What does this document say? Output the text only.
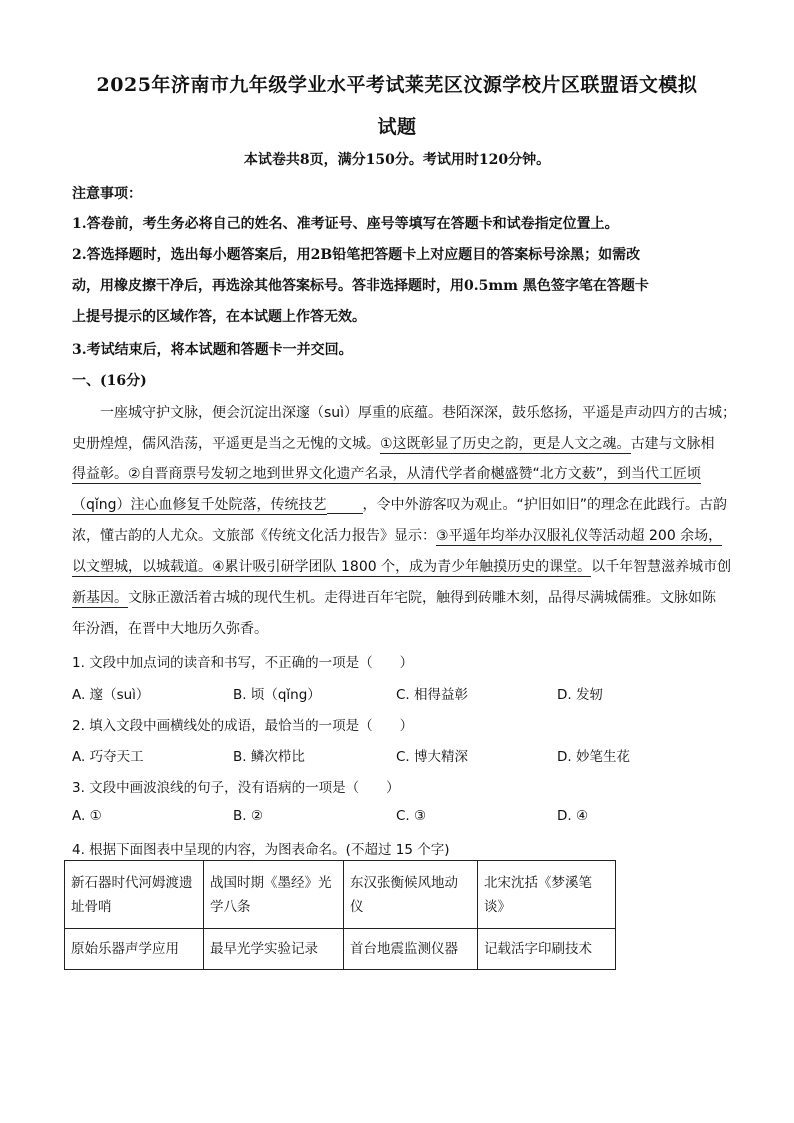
2025年济南市九年级学业水平考试莱芜区汶源学校片区联盟语文模拟
试题
本试卷共8页，满分150分。考试用时120分钟。
注意事项：
1.答卷前，考生务必将自己的姓名、准考证号、座号等填写在答题卡和试卷指定位置上。
2.答选择题时，选出每小题答案后，用2B铅笔把答题卡上对应题目的答案标号涂黑；如需改
动，用橡皮擦干净后，再选涂其他答案标号。答非选择题时，用0.5mm 黑色签字笔在答题卡
上提号提示的区域作答，在本试题上作答无效。
3.考试结束后，将本试题和答题卡一并交回。
一、(16分)
一座城守护文脉，便会沉淀出深邃（suì）厚重的底蕴。巷陌深深，鼓乐悠扬，平遥是声动四方的古城；
史册煌煌，儒风浩荡，平遥更是当之无愧的文城。①这既彰显了历史之韵，更是人文之魂。古建与文脉相
得益彰。②自晋商票号发轫之地到世界文化遗产名录，从清代学者俞樾盛赞“北方文薮”，到当代工匠顷
（qǐng）注心血修复千处院落，传统技艺	，令中外游客叹为观止。“护旧如旧”的理念在此践行。古韵
浓，懂古韵的人尤众。文旅部《传统文化活力报告》显示：③平遥年均举办汉服礼仪等活动超 200 余场，
以文塑城，以城载道。④累计吸引研学团队 1800 个，成为青少年触摸历史的课堂。以千年智慧滋养城市创
新基因。文脉正激活着古城的现代生机。走得进百年宅院，触得到砖雕木刻，品得尽满城儒雅。文脉如陈
年汾酒，在晋中大地历久弥香。
1. 文段中加点词的读音和书写，不正确的一项是（　　）
A. 邃（suì）	B. 顷（qǐng）	C. 相得益彰	D. 发轫
2. 填入文段中画横线处的成语，最恰当的一项是（　　）
A. 巧夺天工	B. 鳞次栉比	C. 博大精深	D. 妙笔生花
3. 文段中画波浪线的句子，没有语病的一项是（　　）
A. ①	B. ②	C. ③	D. ④
4. 根据下面图表中呈现的内容，为图表命名。(不超过 15 个字)
新石器时代河姆渡遗址骨哨	战国时期《墨经》光学八条	东汉张衡候风地动仪	北宋沈括《梦溪笔谈》
原始乐器声学应用	最早光学实验记录	首台地震监测仪器	记载活字印刷技术
